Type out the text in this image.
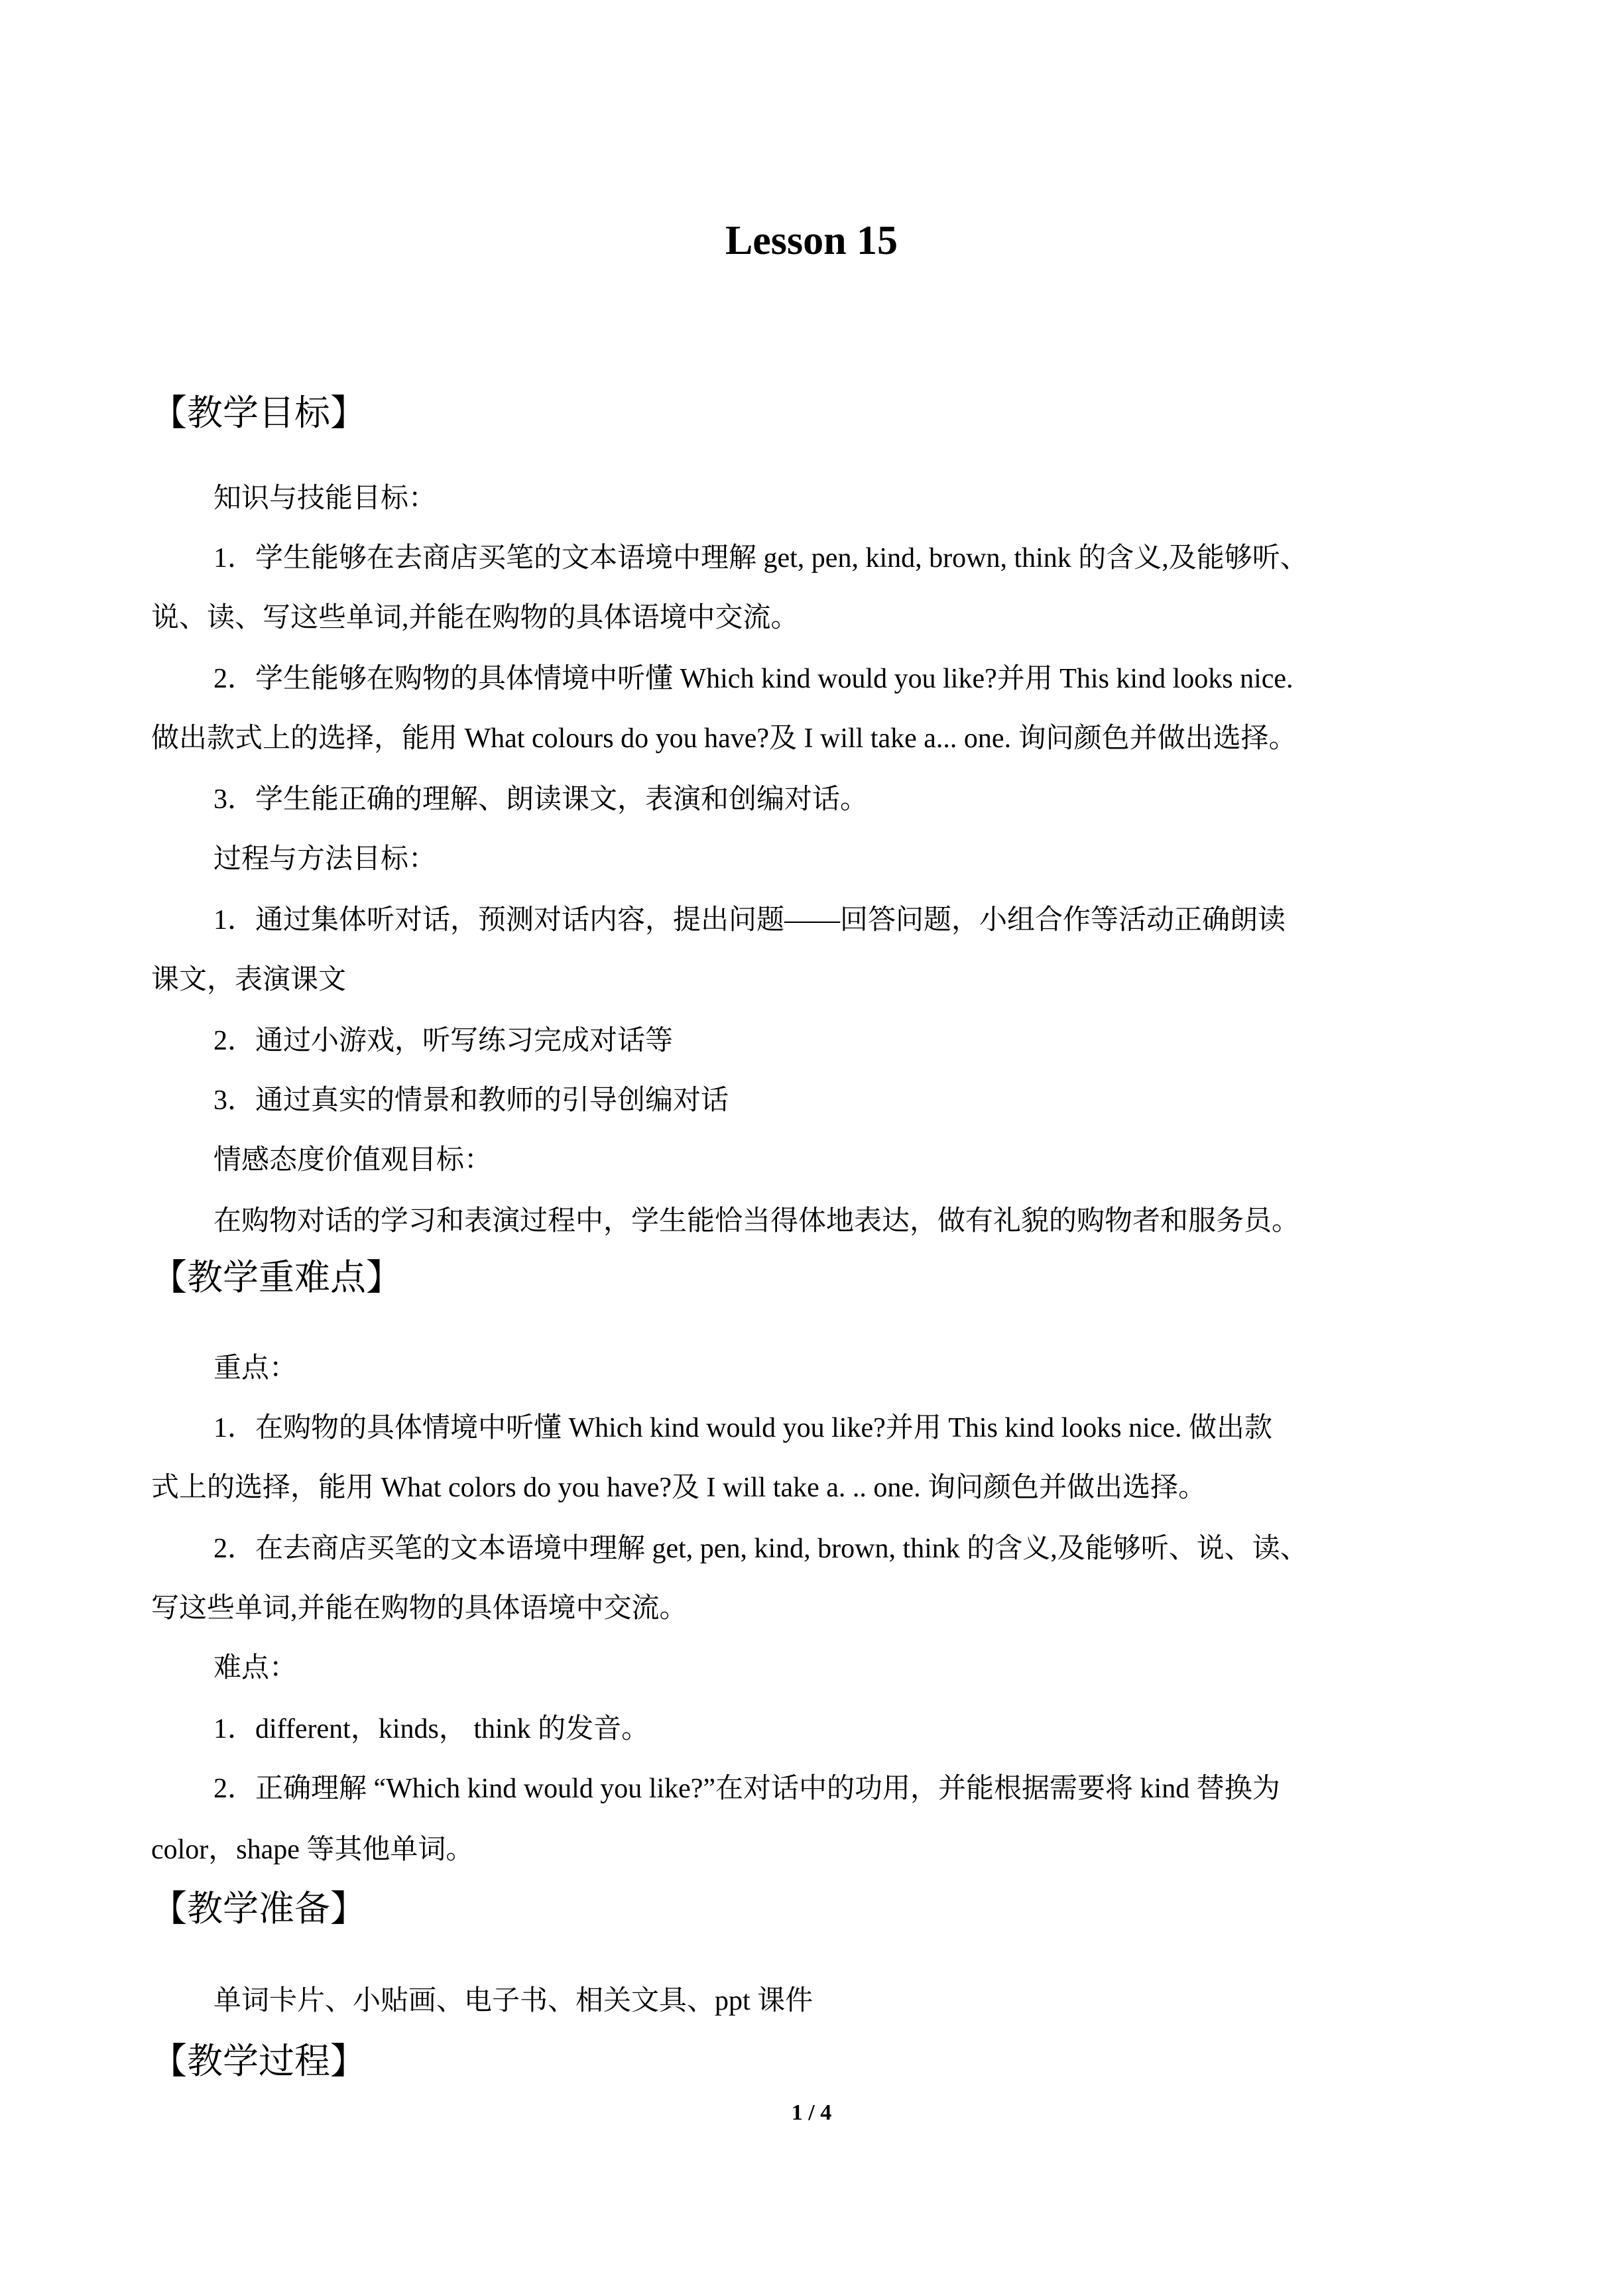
Lesson 15
【教学目标】

知识与技能目标：

1．学生能够在去商店买笔的文本语境中理解 get, pen, kind, brown, think 的含义,及能够听、

说、读、写这些单词,并能在购物的具体语境中交流。

2．学生能够在购物的具体情境中听懂 Which kind would you like?并用 This kind looks nice.

做出款式上的选择，能用 What colours do you have?及 I will take a... one. 询问颜色并做出选择。

3．学生能正确的理解、朗读课文，表演和创编对话。

过程与方法目标：

1．通过集体听对话，预测对话内容，提出问题——回答问题，小组合作等活动正确朗读

课文，表演课文

2．通过小游戏，听写练习完成对话等

3．通过真实的情景和教师的引导创编对话

情感态度价值观目标：

在购物对话的学习和表演过程中，学生能恰当得体地表达，做有礼貌的购物者和服务员。

【教学重难点】

重点：

1．在购物的具体情境中听懂 Which kind would you like?并用 This kind looks nice. 做出款

式上的选择，能用 What colors do you have?及 I will take a. .. one. 询问颜色并做出选择。

2．在去商店买笔的文本语境中理解 get, pen, kind, brown, think 的含义,及能够听、说、读、

写这些单词,并能在购物的具体语境中交流。

难点：

1．different，kinds， think 的发音。

2．正确理解 “Which kind would you like?”在对话中的功用，并能根据需要将 kind 替换为

color，shape 等其他单词。

【教学准备】

单词卡片、小贴画、电子书、相关文具、ppt 课件

【教学过程】

1 / 4
